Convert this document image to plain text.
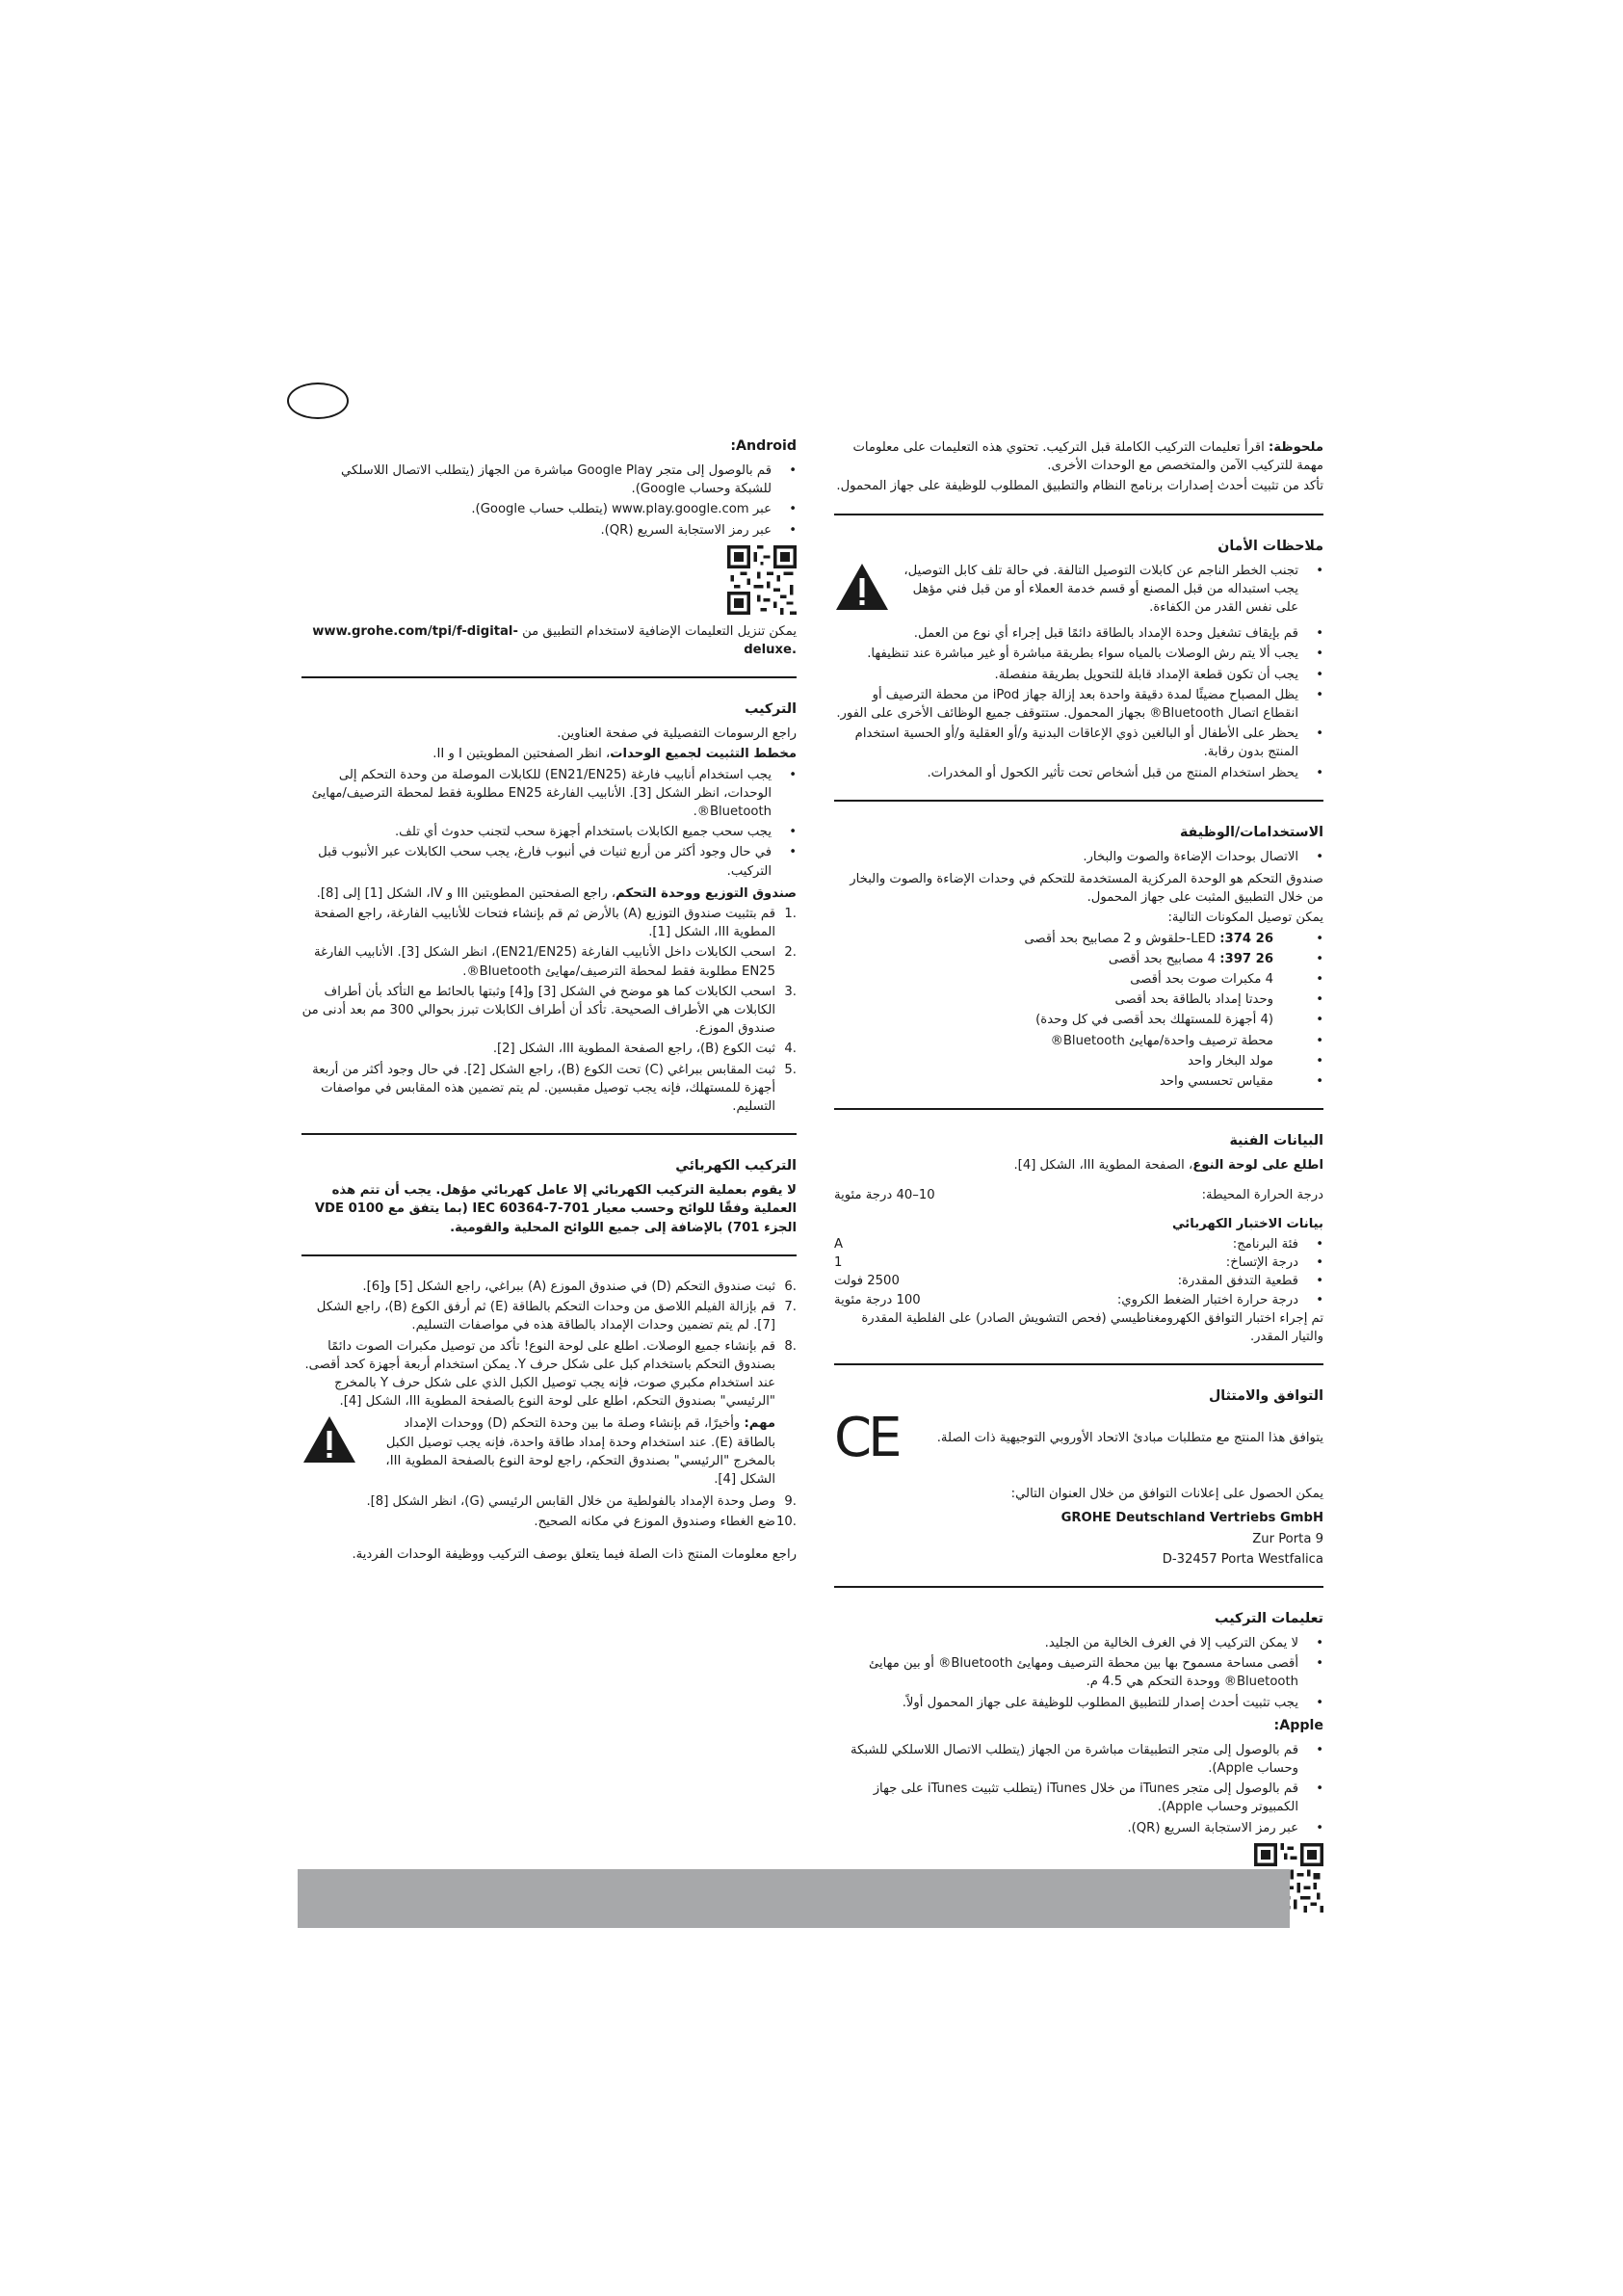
ملحوظة: اقرأ تعليمات التركيب الكاملة قبل التركيب. تحتوي هذه التعليمات على معلومات مهمة للتركيب الآمن والمتخصص مع الوحدات الأخرى.

تأكد من تثبيت أحدث إصدارات برنامج النظام والتطبيق المطلوب للوظيفة على جهاز المحمول.

ملاحظات الأمان
• تجنب الخطر الناجم عن كابلات التوصيل التالفة. في حالة تلف كابل التوصيل، يجب استبداله من قبل المصنع أو قسم خدمة العملاء أو من قبل فني مؤهل على نفس القدر من الكفاءة.
• قم بإيقاف تشغيل وحدة الإمداد بالطاقة دائمًا قبل إجراء أي نوع من العمل.
• يجب ألا يتم رش الوصلات بالمياه سواء بطريقة مباشرة أو غير مباشرة عند تنظيفها.
• يجب أن تكون قطعة الإمداد قابلة للتحويل بطريقة منفصلة.
• يظل المصباح مضيئًا لمدة دقيقة واحدة بعد إزالة جهاز iPod من محطة الترصيف أو انقطاع اتصال Bluetooth® بجهاز المحمول. ستتوقف جميع الوظائف الأخرى على الفور.
• يحظر على الأطفال أو البالغين ذوي الإعاقات البدنية و/أو العقلية و/أو الحسية استخدام المنتج بدون رقابة.
• يحظر استخدام المنتج من قبل أشخاص تحت تأثير الكحول أو المخدرات.
الاستخدامات/الوظيفة
• الاتصال بوحدات الإضاءة والصوت والبخار.

صندوق التحكم هو الوحدة المركزية المستخدمة للتحكم في وحدات الإضاءة والصوت والبخار من خلال التطبيق المثبت على جهاز المحمول.

يمكن توصيل المكونات التالية:

• 26 374: LED-حلقوش و 2 مصابيح بحد أقصى
• 26 397: 4 مصابيح بحد أقصى
• 4 مكبرات صوت بحد أقصى
• وحدتا إمداد بالطاقة بحد أقصى
• (4 أجهزة للمستهلك بحد أقصى في كل وحدة)
• محطة ترصيف واحدة/مهايئ Bluetooth®
• مولد البخار واحد
• مقياس تحسسي واحد
البيانات الفنية

اطلع على لوحة النوع، الصفحة المطوية III، الشكل [4].

درجة الحرارة المحيطة:	10–40 درجة مئوية

بيانات الاختبار الكهربائي

•
فئة البرنامج:	A

•
درجة الإتساخ:	1

•
قطعية التدفق المقدرة:	2500 فولت

•
درجة حرارة اختبار الضغط الكروي:	100 درجة مئوية

تم إجراء اختبار التوافق الكهرومغناطيسي (فحص التشويش الصادر) على الفلطية المقدرة والتيار المقدر.

التوافق والامتثال

يتوافق هذا المنتج مع متطلبات مبادئ الاتحاد الأوروبي التوجيهية ذات الصلة.

CE

يمكن الحصول على إعلانات التوافق من خلال العنوان التالي:

GROHE Deutschland Vertriebs GmbH

Zur Porta 9

D-32457 Porta Westfalica

تعليمات التركيب
• لا يمكن التركيب إلا في الغرف الخالية من الجليد.
• أقصى مساحة مسموح بها بين محطة الترصيف ومهايئ Bluetooth® أو بين مهايئ Bluetooth® ووحدة التحكم هي 4.5 م.
• يجب تثبيت أحدث إصدار للتطبيق المطلوب للوظيفة على جهاز المحمول أولاً.
Apple:
• قم بالوصول إلى متجر التطبيقات مباشرة من الجهاز (يتطلب الاتصال اللاسلكي للشبكة وحساب Apple).
• قم بالوصول إلى متجر iTunes من خلال iTunes (يتطلب تثبيت iTunes على جهاز الكمبيوتر وحساب Apple).
• عبر رمز الاستجابة السريع (QR).
Android:
• قم بالوصول إلى متجر Google Play مباشرة من الجهاز (يتطلب الاتصال اللاسلكي للشبكة وحساب Google).
• عبر www.play.google.com (يتطلب حساب Google).
• عبر رمز الاستجابة السريع (QR).

يمكن تنزيل التعليمات الإضافية لاستخدام التطبيق من www.grohe.com/tpi/f-digital-deluxe.

التركيب

راجع الرسومات التفصيلية في صفحة العناوين.

مخطط التثبيت لجميع الوحدات، انظر الصفحتين المطويتين I و II.

• يجب استخدام أنابيب فارغة (EN21/EN25) للكابلات الموصلة من وحدة التحكم إلى الوحدات، انظر الشكل [3]. الأنابيب الفارغة EN25 مطلوبة فقط لمحطة الترصيف/مهايئ Bluetooth®.
• يجب سحب جميع الكابلات باستخدام أجهزة سحب لتجنب حدوث أي تلف.
• في حال وجود أكثر من أربع ثنيات في أنبوب فارغ، يجب سحب الكابلات عبر الأنبوب قبل التركيب.

صندوق التوزيع ووحدة التحكم، راجع الصفحتين المطويتين III و IV، الشكل [1] إلى [8].

1.
قم بتثبيت صندوق التوزيع (A) بالأرض ثم قم بإنشاء فتحات للأنابيب الفارغة، راجع الصفحة المطوية III، الشكل [1].
2.
اسحب الكابلات داخل الأنابيب الفارغة (EN21/EN25)، انظر الشكل [3]. الأنابيب الفارغة EN25 مطلوبة فقط لمحطة الترصيف/مهايئ Bluetooth®.
3.
اسحب الكابلات كما هو موضح في الشكل [3] و[4] وثبتها بالحائط مع التأكد بأن أطراف الكابلات هي الأطراف الصحيحة. تأكد أن أطراف الكابلات تبرز بحوالي 300 مم بعد أدنى من صندوق الموزع.
4.
ثبت الكوع (B)، راجع الصفحة المطوية III، الشكل [2].
5.
ثبت المقابس ببراغي (C) تحت الكوع (B)، راجع الشكل [2]. في حال وجود أكثر من أربعة أجهزة للمستهلك، فإنه يجب توصيل مقبسين. لم يتم تضمين هذه المقابس في مواصفات التسليم.
التركيب الكهربائي

لا يقوم بعملية التركيب الكهربائي إلا عامل كهربائي مؤهل. يجب أن تتم هذه العملية وفقًا للوائح وحسب معيار IEC 60364-7-701 (بما يتفق مع VDE 0100 الجزء 701) بالإضافة إلى جميع اللوائح المحلية والقومية.

6.
ثبت صندوق التحكم (D) في صندوق الموزع (A) ببراغي، راجع الشكل [5] و[6].
7.
قم بإزالة الفيلم اللاصق من وحدات التحكم بالطاقة (E) ثم أرفق الكوع (B)، راجع الشكل [7]. لم يتم تضمين وحدات الإمداد بالطاقة هذه في مواصفات التسليم.
8.
قم بإنشاء جميع الوصلات. اطلع على لوحة النوع! تأكد من توصيل مكبرات الصوت دائمًا بصندوق التحكم باستخدام كبل على شكل حرف Y. يمكن استخدام أربعة أجهزة كحد أقصى. عند استخدام مكبري صوت، فإنه يجب توصيل الكبل الذي على شكل حرف Y بالمخرج "الرئيسي" بصندوق التحكم، اطلع على لوحة النوع بالصفحة المطوية III، الشكل [4].

مهم: وأخيرًا، قم بإنشاء وصلة ما بين وحدة التحكم (D) ووحدات الإمداد بالطاقة (E). عند استخدام وحدة إمداد طاقة واحدة، فإنه يجب توصيل الكبل بالمخرج "الرئيسي" بصندوق التحكم، راجع لوحة النوع بالصفحة المطوية III، الشكل [4].

9.
وصل وحدة الإمداد بالفولطية من خلال القابس الرئيسي (G)، انظر الشكل [8].
10.
ضع الغطاء وصندوق الموزع في مكانه الصحيح.

راجع معلومات المنتج ذات الصلة فيما يتعلق بوصف التركيب ووظيفة الوحدات الفردية.
